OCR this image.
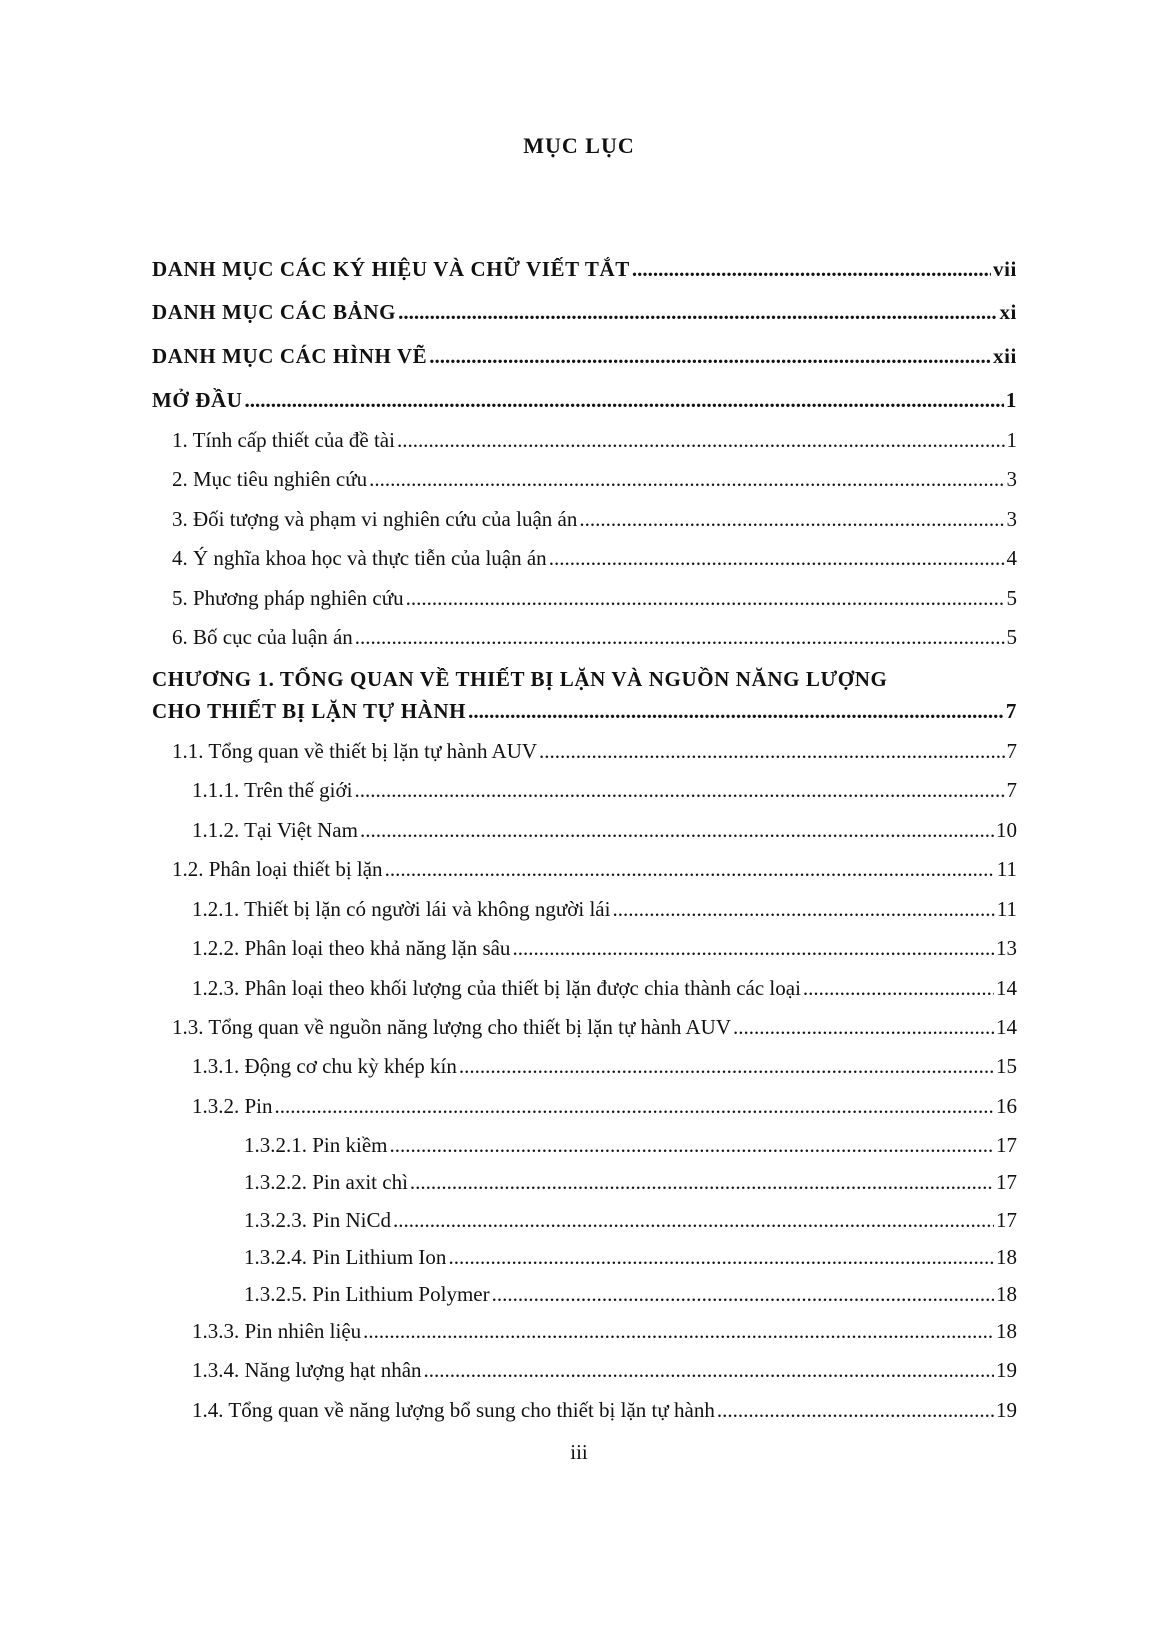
MỤC LỤC
DANH MỤC CÁC KÝ HIỆU VÀ CHỮ VIẾT TẮT .....	vii
DANH MỤC CÁC BẢNG .....	xi
DANH MỤC CÁC HÌNH VẼ .....	xii
MỞ ĐẦU .....	1
1. Tính cấp thiết của đề tài .....	1
2. Mục tiêu nghiên cứu .....	3
3. Đối tượng và phạm vi nghiên cứu của luận án .....	3
4. Ý nghĩa khoa học và thực tiễn của luận án .....	4
5. Phương pháp nghiên cứu .....	5
6. Bố cục của luận án .....	5
CHƯƠNG 1. TỔNG QUAN VỀ THIẾT BỊ LẶN VÀ NGUỒN NĂNG LƯỢNG
CHO THIẾT BỊ LẶN TỰ HÀNH .....	7
1.1. Tổng quan về thiết bị lặn tự hành AUV .....	7
1.1.1. Trên thế giới .....	7
1.1.2. Tại Việt Nam .....	10
1.2. Phân loại thiết bị lặn .....	11
1.2.1. Thiết bị lặn có người lái và không người lái .....	11
1.2.2. Phân loại theo khả năng lặn sâu .....	13
1.2.3. Phân loại theo khối lượng của thiết bị lặn được chia thành các loại .....	14
1.3. Tổng quan về nguồn năng lượng cho thiết bị lặn tự hành AUV .....	14
1.3.1. Động cơ chu kỳ khép kín .....	15
1.3.2. Pin .....	16
1.3.2.1. Pin kiềm .....	17
1.3.2.2. Pin axit chì .....	17
1.3.2.3. Pin NiCd .....	17
1.3.2.4. Pin Lithium Ion .....	18
1.3.2.5. Pin Lithium Polymer .....	18
1.3.3. Pin nhiên liệu .....	18
1.3.4. Năng lượng hạt nhân .....	19
1.4. Tổng quan về năng lượng bổ sung cho thiết bị lặn tự hành .....	19
iii
